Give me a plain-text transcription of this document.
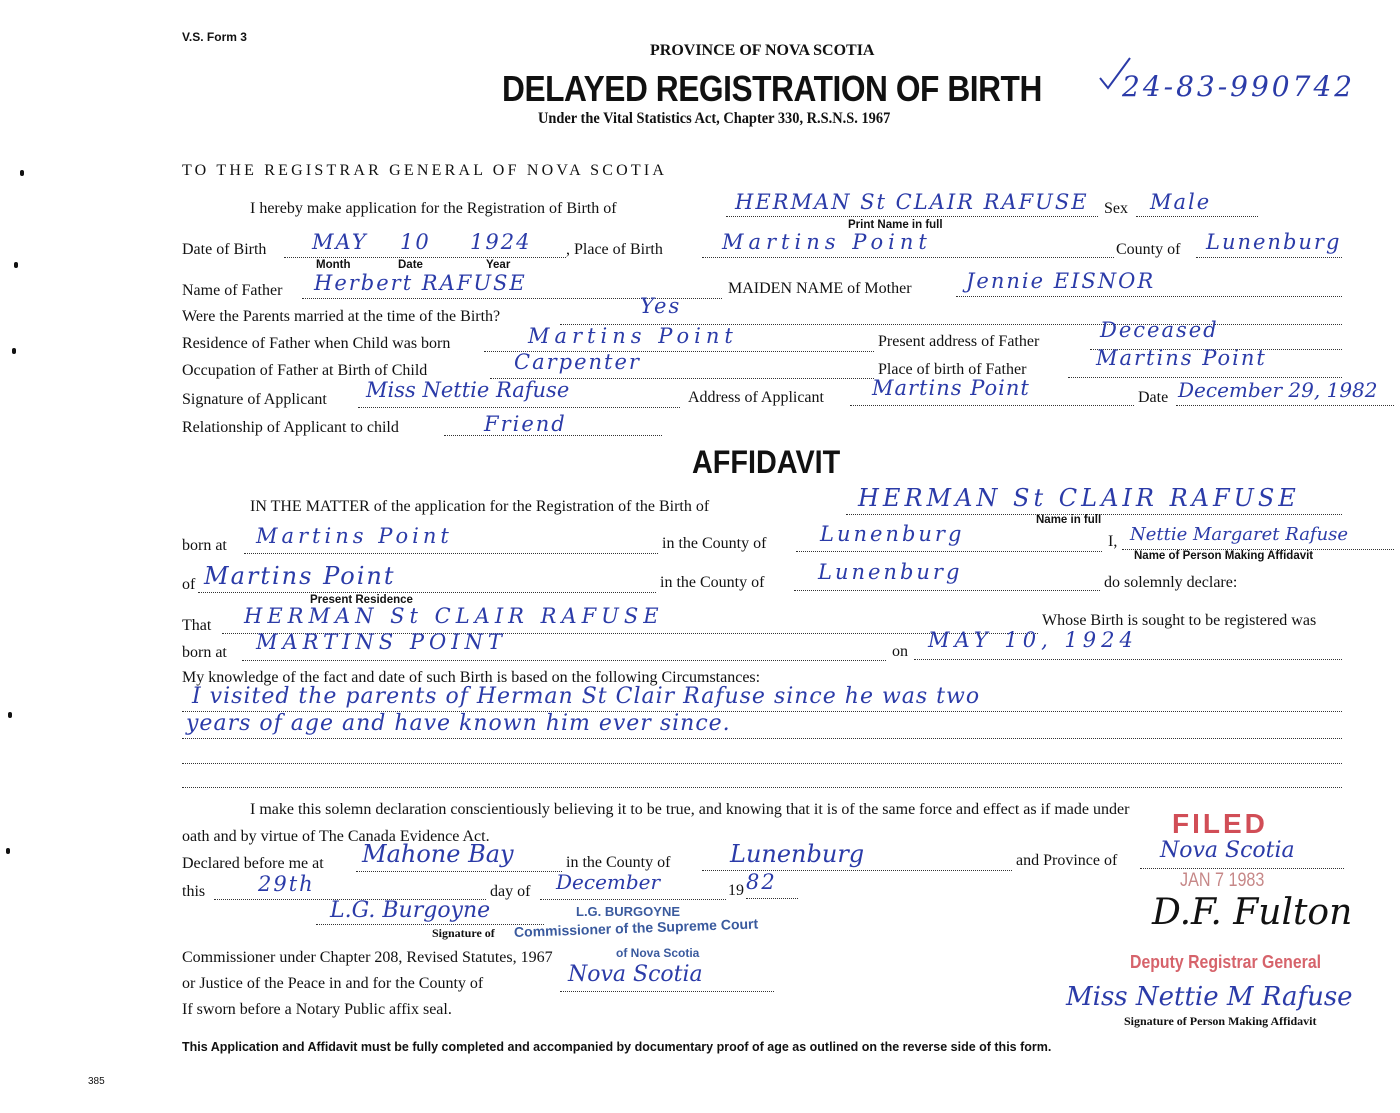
V.S. Form 3
PROVINCE OF NOVA SCOTIA
DELAYED REGISTRATION OF BIRTH
Under the Vital Statistics Act, Chapter 330, R.S.N.S. 1967
24-83-990742
TO THE REGISTRAR GENERAL OF NOVA SCOTIA
I hereby make application for the Registration of Birth of	HERMAN St CLAIR RAFUSE Sex Male
Print Name in full
Date of Birth MAY 10 1924 , Place of Birth	Martins Point	County of Lunenburg
Month	Date	Year
Name of Father Herbert RAFUSE	MAIDEN NAME of Mother	Jennie EISNOR
Were the Parents married at the time of the Birth?	Yes
Residence of Father when Child was born	Martins Point	Present address of Father	Deceased
Occupation of Father at Birth of Child	Carpenter	Place of birth of Father	Martins Point
Signature of Applicant Miss Nettie Rafuse	Address of Applicant Martins Point	Date December 29, 1982
Relationship of Applicant to child	Friend
AFFIDAVIT
IN THE MATTER of the application for the Registration of the Birth of	HERMAN St CLAIR RAFUSE
Name in full
born at Martins Point	in the County of	Lunenburg	I, Nettie Margaret Rafuse
Name of Person Making Affidavit
of Martins Point	in the County of	Lunenburg	do solemnly declare:
Present Residence
That HERMAN St CLAIR RAFUSE	Whose Birth is sought to be registered was
born at MARTINS POINT	on MAY 10, 1924
My knowledge of the fact and date of such Birth is based on the following Circumstances:
I visited the parents of Herman St Clair Rafuse since he was two
years of age and have known him ever since.
I make this solemn declaration conscientiously believing it to be true, and knowing that it is of the same force and effect as if made under
oath and by virtue of The Canada Evidence Act.	FILED
Declared before me at Mahone Bay	in the County of Lunenburg	and Province of Nova Scotia
this	29th	day of December	19 82	JAN 7 1983
L.G. Burgoyne	L.G. BURGOYNE
Signature of Commissioner of the Supreme Court
of Nova Scotia
Commissioner under Chapter 208, Revised Statutes, 1967
D.F. Fulton
Deputy Registrar General
or Justice of the Peace in and for the County of	Nova Scotia
If sworn before a Notary Public affix seal.	Miss Nettie M Rafuse
Signature of Person Making Affidavit
This Application and Affidavit must be fully completed and accompanied by documentary proof of age as outlined on the reverse side of this form.
385
